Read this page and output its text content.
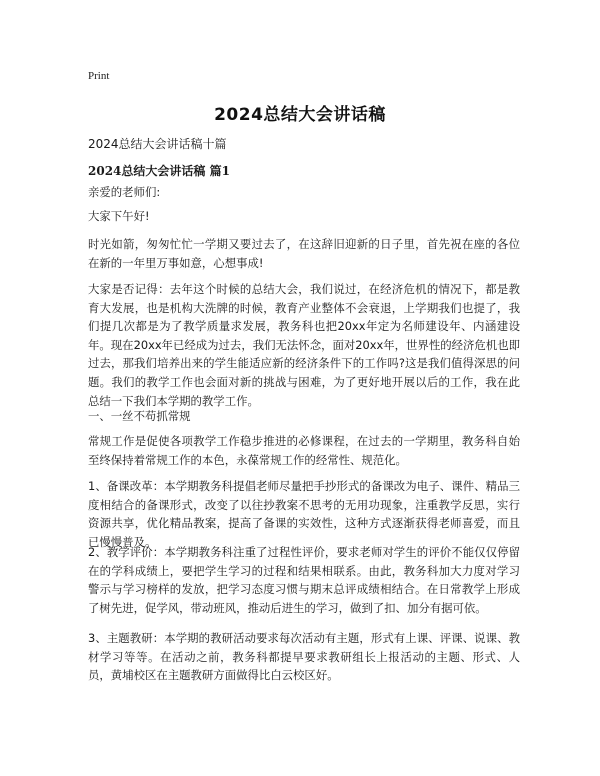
Print
2024总结大会讲话稿
2024总结大会讲话稿十篇
2024总结大会讲话稿 篇1
亲爱的老师们:
大家下午好!
时光如箭，匆匆忙忙一学期又要过去了，在这辞旧迎新的日子里，首先祝在座的各位在新的一年里万事如意，心想事成!
大家是否记得：去年这个时候的总结大会，我们说过，在经济危机的情况下，都是教育大发展，也是机构大洗牌的时候，教育产业整体不会衰退，上学期我们也提了，我们提几次都是为了教学质量求发展，教务科也把20xx年定为名师建设年、内涵建设年。现在20xx年已经成为过去，我们无法怀念，面对20xx年，世界性的经济危机也即过去，那我们培养出来的学生能适应新的经济条件下的工作吗?这是我们值得深思的问题。我们的教学工作也会面对新的挑战与困难，为了更好地开展以后的工作，我在此总结一下我们本学期的教学工作。
一、一丝不苟抓常规
常规工作是促使各项教学工作稳步推进的必修课程，在过去的一学期里，教务科自始至终保持着常规工作的本色，永葆常规工作的经常性、规范化。
1、备课改革：本学期教务科提倡老师尽量把手抄形式的备课改为电子、课件、精品三度相结合的备课形式，改变了以往抄教案不思考的无用功现象，注重教学反思，实行资源共享，优化精品教案，提高了备课的实效性，这种方式逐渐获得老师喜爱，而且已慢慢普及。
2、教学评价：本学期教务科注重了过程性评价，要求老师对学生的评价不能仅仅停留在的学科成绩上，要把学生学习的过程和结果相联系。由此，教务科加大力度对学习警示与学习榜样的发放，把学习态度习惯与期末总评成绩相结合。在日常教学上形成了树先进，促学风，带动班风，推动后进生的学习，做到了扣、加分有据可依。
3、主题教研：本学期的教研活动要求每次活动有主题，形式有上课、评课、说课、教材学习等等。在活动之前，教务科都提早要求教研组长上报活动的主题、形式、人员，黄埔校区在主题教研方面做得比白云校区好。
